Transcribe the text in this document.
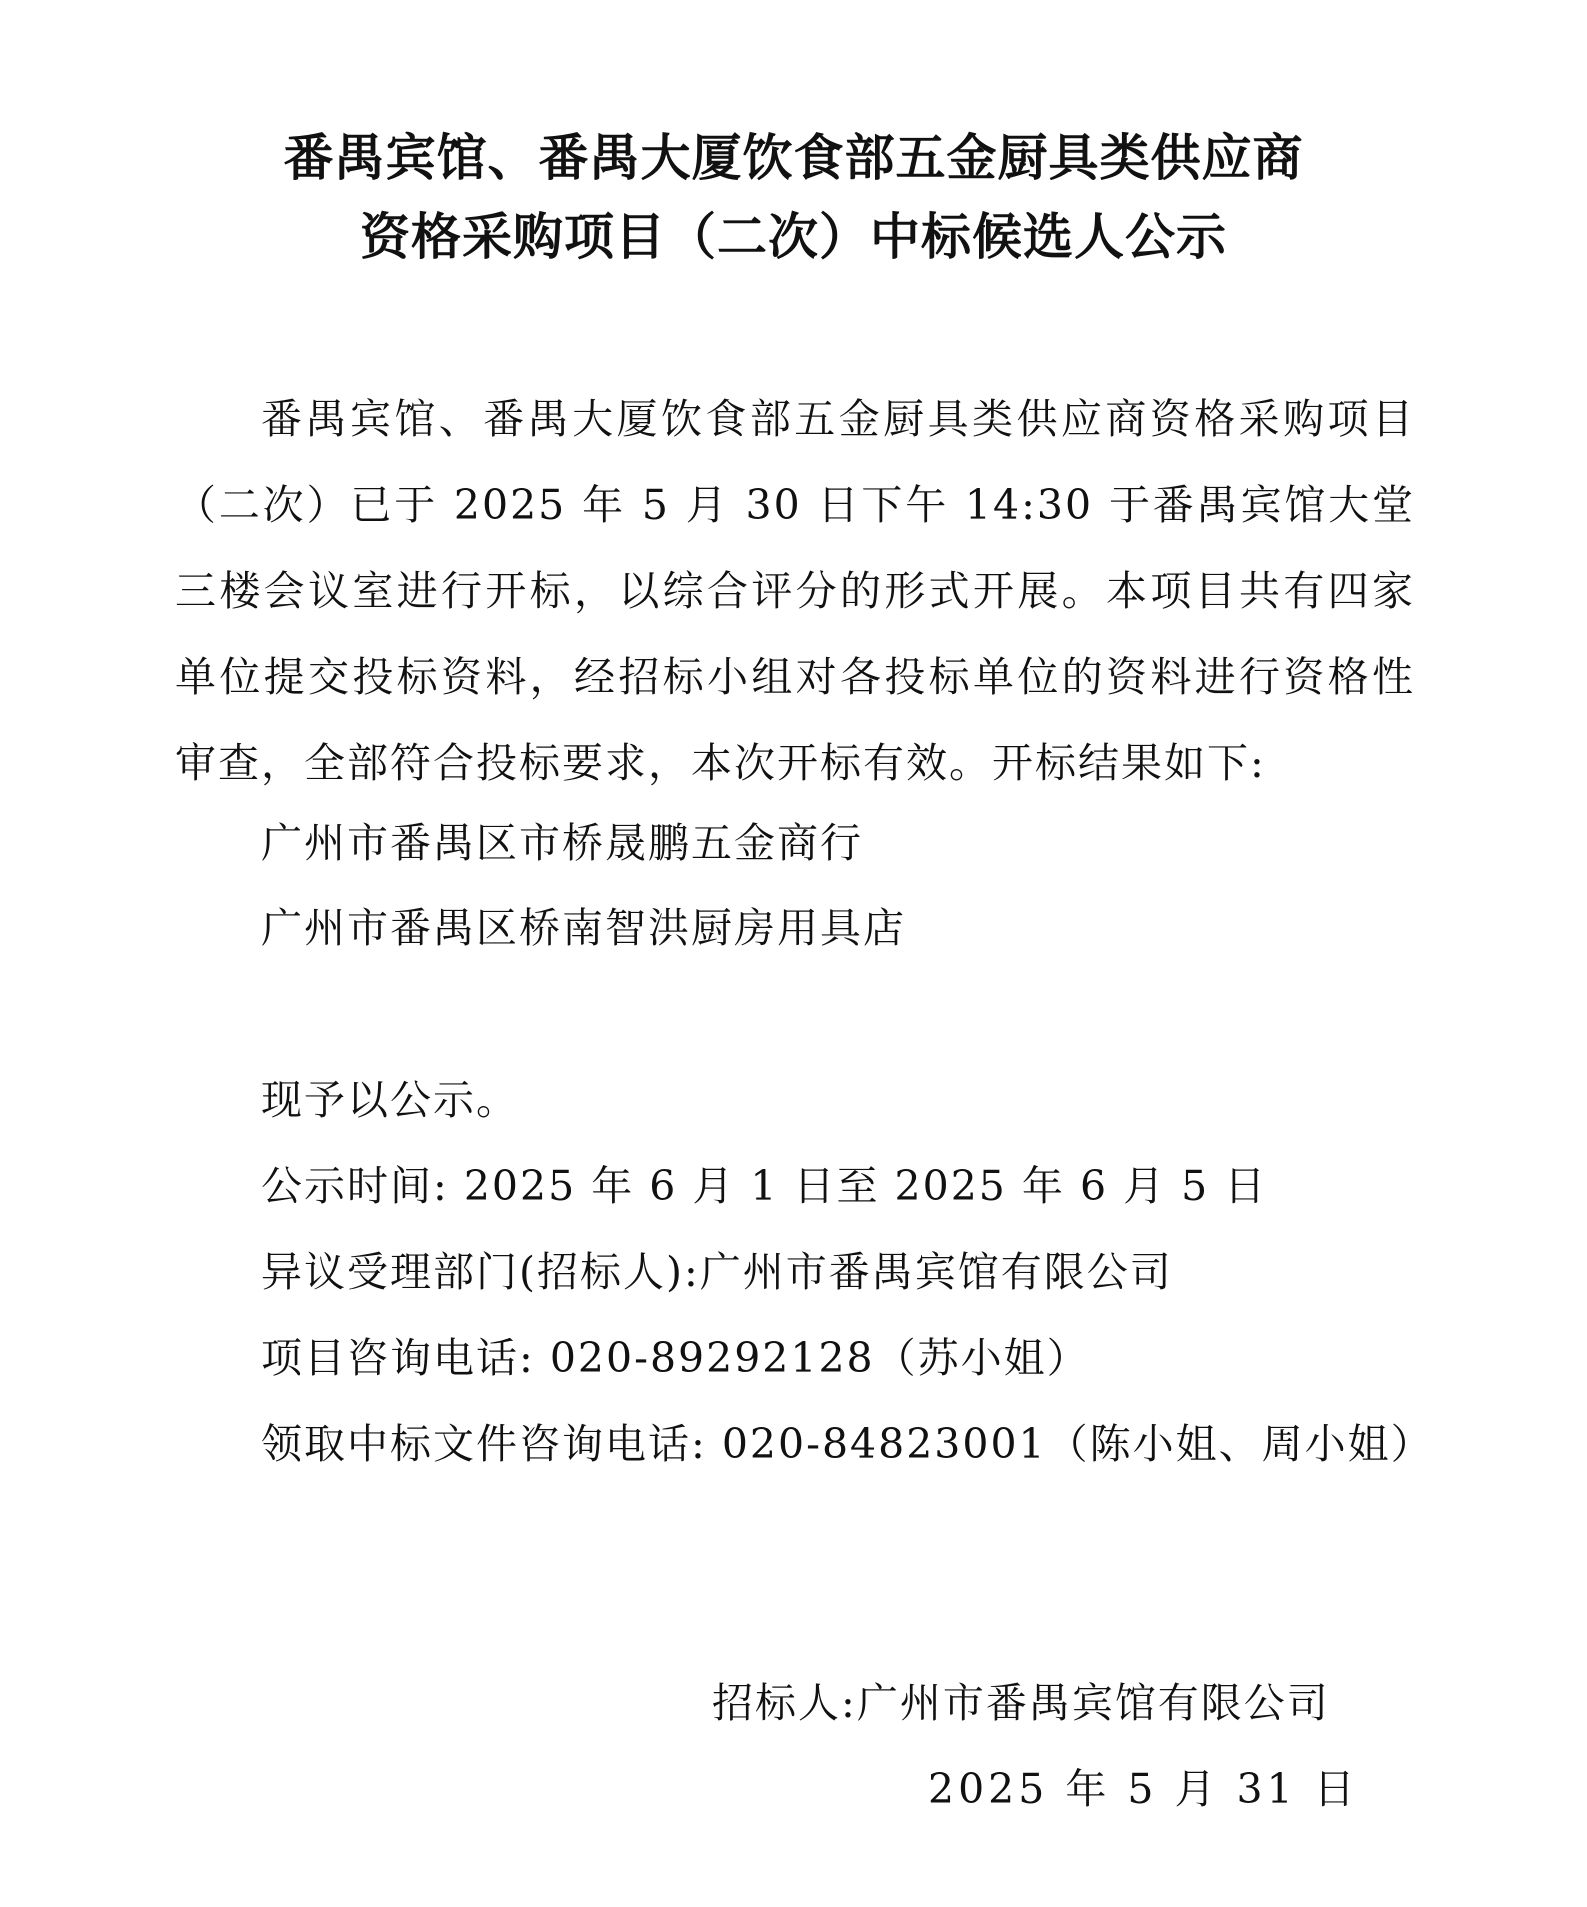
番禺宾馆、番禺大厦饮食部五金厨具类供应商
资格采购项目（二次）中标候选人公示

番禺宾馆、番禺大厦饮食部五金厨具类供应商资格采购项目（二次）已于 2025 年 5 月 30 日下午 14:30 于番禺宾馆大堂三楼会议室进行开标，以综合评分的形式开展。本项目共有四家单位提交投标资料，经招标小组对各投标单位的资料进行资格性审查，全部符合投标要求，本次开标有效。开标结果如下:

广州市番禺区市桥晟鹏五金商行

广州市番禺区桥南智洪厨房用具店

现予以公示。

公示时间: 2025 年 6 月 1 日至 2025 年 6 月 5 日

异议受理部门(招标人):广州市番禺宾馆有限公司

项目咨询电话: 020-89292128（苏小姐）

领取中标文件咨询电话: 020-84823001（陈小姐、周小姐）

招标人:广州市番禺宾馆有限公司

2025 年 5 月 31 日
